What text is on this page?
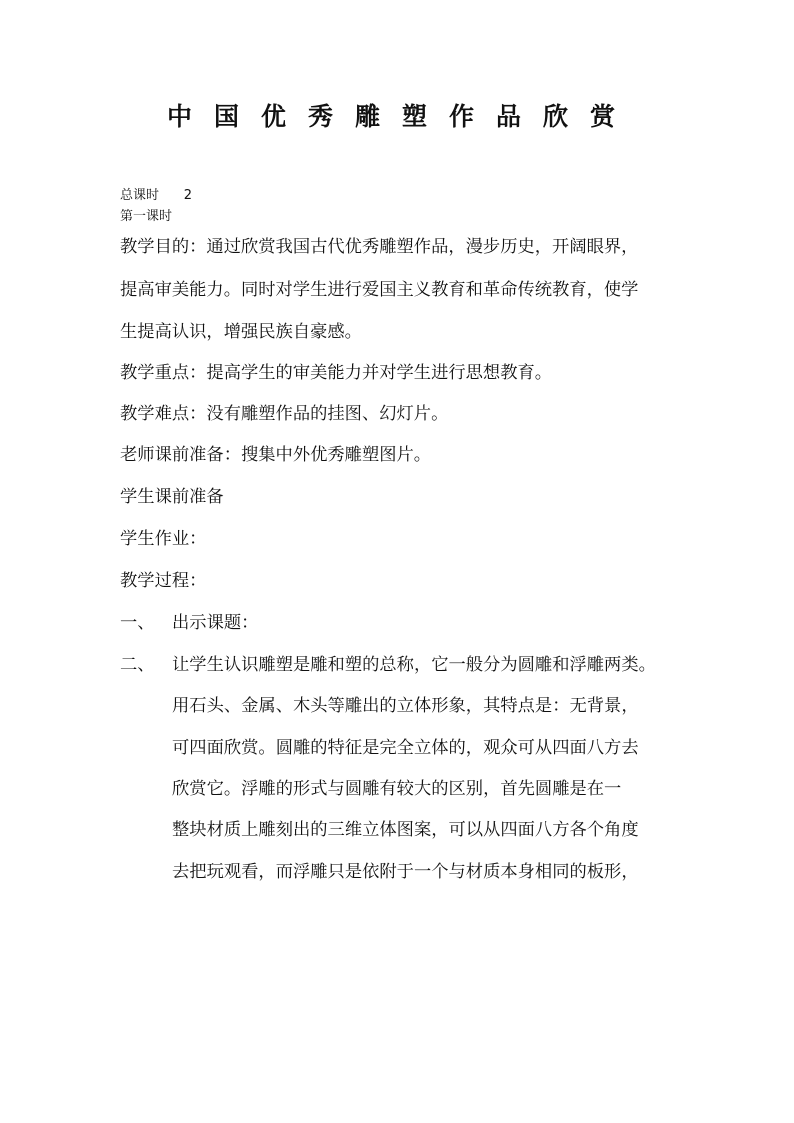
中国优秀雕塑作品欣赏
总课时      2
第一课时
教学目的：通过欣赏我国古代优秀雕塑作品，漫步历史，开阔眼界，
提高审美能力。同时对学生进行爱国主义教育和革命传统教育，使学
生提高认识，增强民族自豪感。
教学重点：提高学生的审美能力并对学生进行思想教育。
教学难点：没有雕塑作品的挂图、幻灯片。
老师课前准备：搜集中外优秀雕塑图片。
学生课前准备
学生作业：
教学过程：
一、 出示课题：
二、 让学生认识雕塑是雕和塑的总称，它一般分为圆雕和浮雕两类。
用石头、金属、木头等雕出的立体形象，其特点是：无背景，
可四面欣赏。圆雕的特征是完全立体的，观众可从四面八方去
欣赏它。浮雕的形式与圆雕有较大的区别，首先圆雕是在一
整块材质上雕刻出的三维立体图案，可以从四面八方各个角度
去把玩观看，而浮雕只是依附于一个与材质本身相同的板形，
